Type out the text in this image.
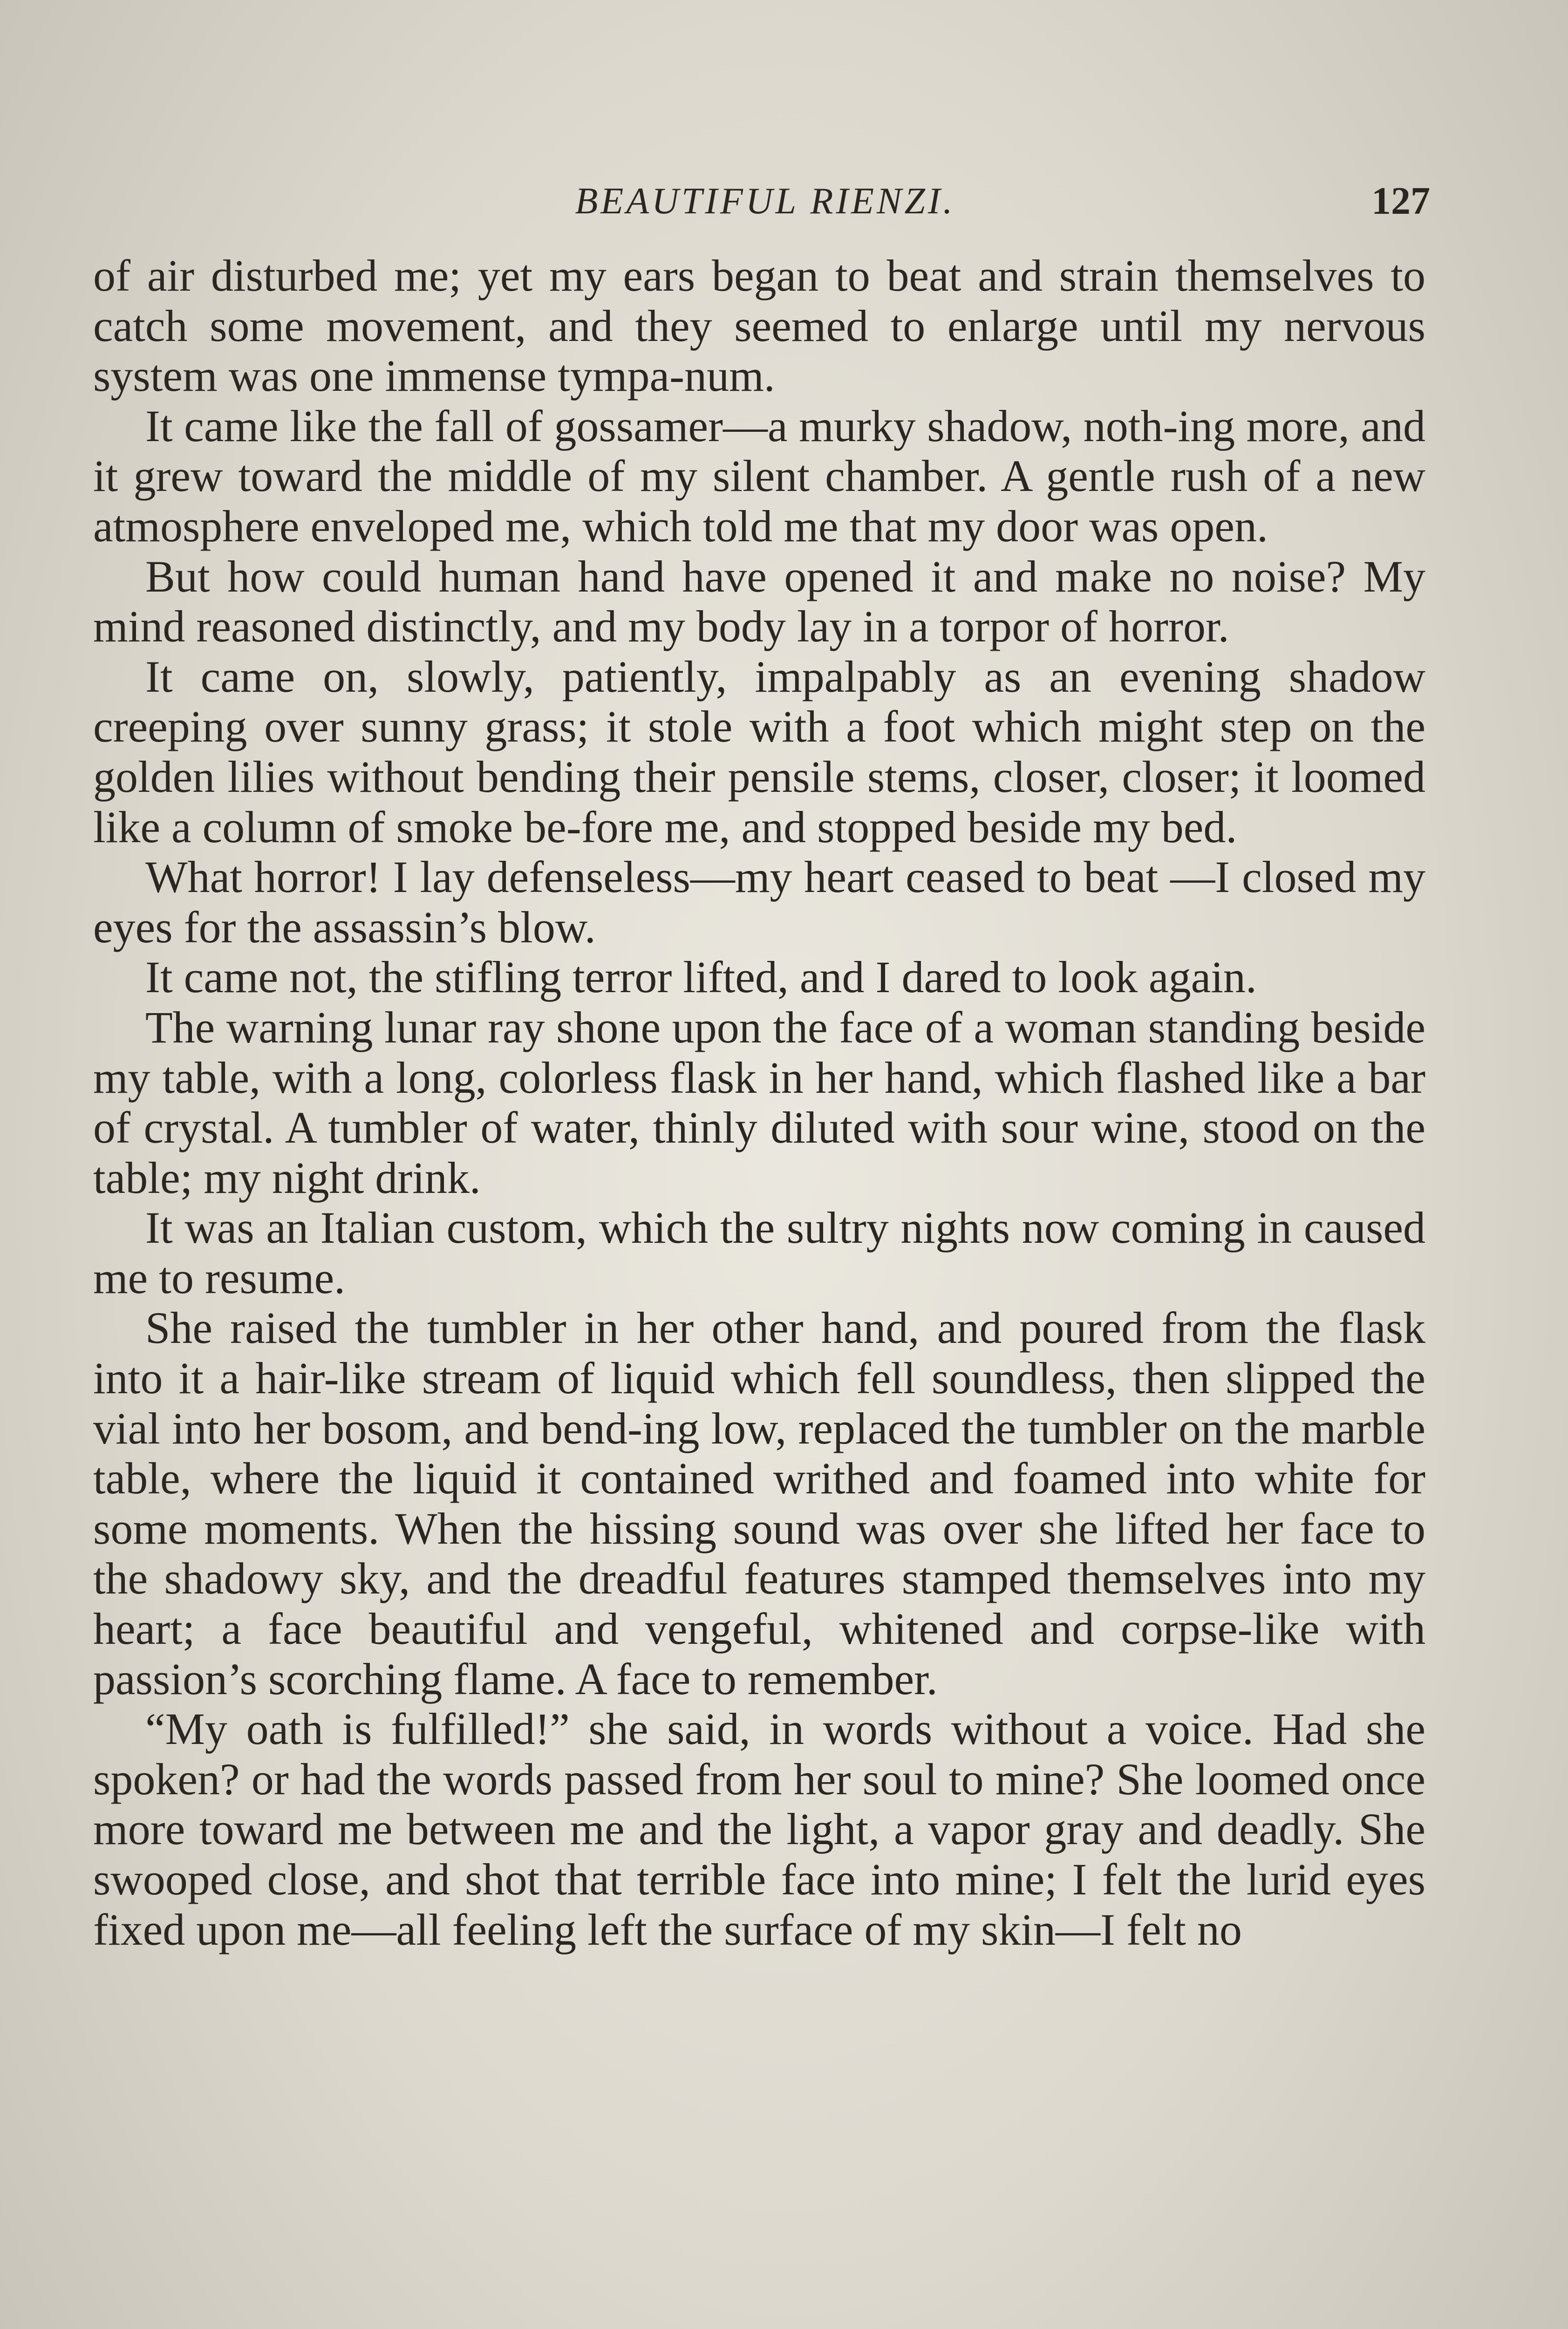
BEAUTIFUL RIENZI.	127

of air disturbed me; yet my ears began to beat and strain themselves to catch some movement, and they seemed to enlarge until my nervous system was one immense tympa-num.

It came like the fall of gossamer—a murky shadow, noth-ing more, and it grew toward the middle of my silent chamber. A gentle rush of a new atmosphere enveloped me, which told me that my door was open.

But how could human hand have opened it and make no noise? My mind reasoned distinctly, and my body lay in a torpor of horror.

It came on, slowly, patiently, impalpably as an evening shadow creeping over sunny grass; it stole with a foot which might step on the golden lilies without bending their pensile stems, closer, closer; it loomed like a column of smoke be-fore me, and stopped beside my bed.

What horror! I lay defenseless—my heart ceased to beat —I closed my eyes for the assassin’s blow.

It came not, the stifling terror lifted, and I dared to look again.

The warning lunar ray shone upon the face of a woman standing beside my table, with a long, colorless flask in her hand, which flashed like a bar of crystal. A tumbler of water, thinly diluted with sour wine, stood on the table; my night drink.

It was an Italian custom, which the sultry nights now coming in caused me to resume.

She raised the tumbler in her other hand, and poured from the flask into it a hair-like stream of liquid which fell soundless, then slipped the vial into her bosom, and bend-ing low, replaced the tumbler on the marble table, where the liquid it contained writhed and foamed into white for some moments. When the hissing sound was over she lifted her face to the shadowy sky, and the dreadful features stamped themselves into my heart; a face beautiful and vengeful, whitened and corpse-like with passion’s scorching flame. A face to remember.

“My oath is fulfilled!” she said, in words without a voice. Had she spoken? or had the words passed from her soul to mine? She loomed once more toward me between me and the light, a vapor gray and deadly. She swooped close, and shot that terrible face into mine; I felt the lurid eyes fixed upon me—all feeling left the surface of my skin—I felt no
